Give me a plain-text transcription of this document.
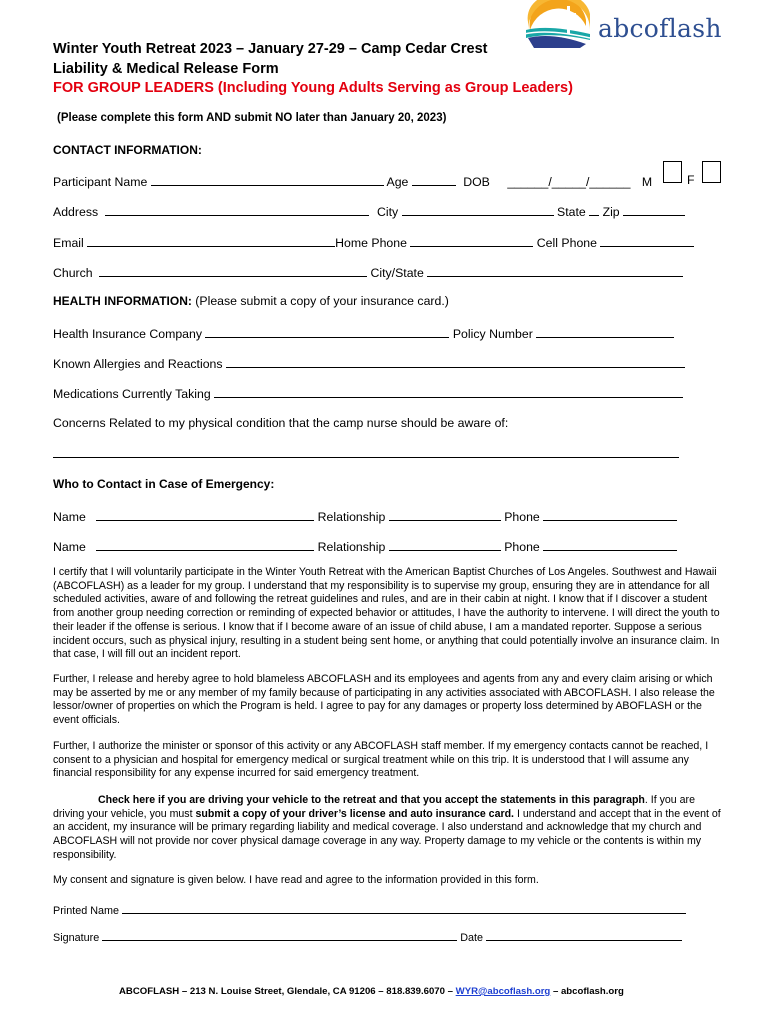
abcoflash
Winter Youth Retreat 2023 – January 27-29 – Camp Cedar Crest
Liability & Medical Release Form
FOR GROUP LEADERS (Including Young Adults Serving as Group Leaders)
(Please complete this form AND submit NO later than January 20, 2023)
CONTACT INFORMATION:
Participant Name	Age	DOB ______/_____/______ M	F
Address	City	State Zip
Email	Home Phone	Cell Phone
Church	City/State
HEALTH INFORMATION: (Please submit a copy of your insurance card.)
Health Insurance Company	Policy Number
Known Allergies and Reactions
Medications Currently Taking
Concerns Related to my physical condition that the camp nurse should be aware of:
Who to Contact in Case of Emergency:
Name	Relationship	Phone
Name	Relationship	Phone
I certify that I will voluntarily participate in the Winter Youth Retreat with the American Baptist Churches of Los Angeles. Southwest and Hawaii (ABCOFLASH) as a leader for my group. I understand that my responsibility is to supervise my group, ensuring they are in attendance for all scheduled activities, aware of and following the retreat guidelines and rules, and are in their cabin at night. I know that if I discover a student from another group needing correction or reminding of expected behavior or attitudes, I have the authority to intervene. I will direct the youth to their leader if the offense is serious. I know that if I become aware of an issue of child abuse, I am a mandated reporter. Suppose a serious incident occurs, such as physical injury, resulting in a student being sent home, or anything that could potentially involve an insurance claim. In that case, I will fill out an incident report.
Further, I release and hereby agree to hold blameless ABCOFLASH and its employees and agents from any and every claim arising or which may be asserted by me or any member of my family because of participating in any activities associated with ABCOFLASH. I also release the lessor/owner of properties on which the Program is held. I agree to pay for any damages or property loss determined by ABOFLASH or the event officials.
Further, I authorize the minister or sponsor of this activity or any ABCOFLASH staff member. If my emergency contacts cannot be reached, I consent to a physician and hospital for emergency medical or surgical treatment while on this trip. It is understood that I will assume any financial responsibility for any expense incurred for said emergency treatment.
Check here if you are driving your vehicle to the retreat and that you accept the statements in this paragraph. If you are driving your vehicle, you must submit a copy of your driver’s license and auto insurance card. I understand and accept that in the event of an accident, my insurance will be primary regarding liability and medical coverage. I also understand and acknowledge that my church and ABCOFLASH will not provide nor cover physical damage coverage in any way. Property damage to my vehicle or the contents is within my responsibility.
My consent and signature is given below. I have read and agree to the information provided in this form.
Printed Name
Signature	Date
ABCOFLASH – 213 N. Louise Street, Glendale, CA 91206 – 818.839.6070 – WYR@abcoflash.org – abcoflash.org
